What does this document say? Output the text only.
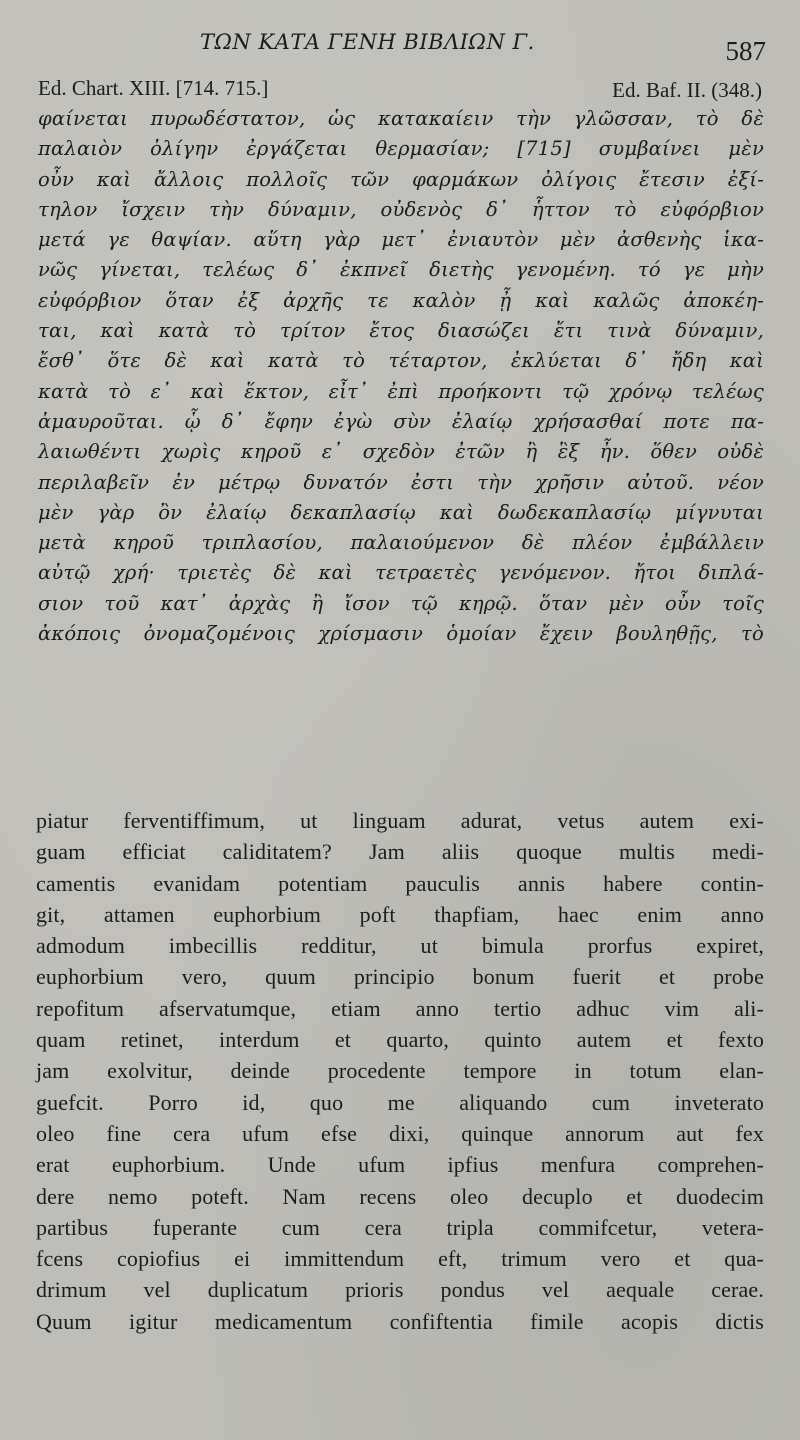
ΤΩΝ ΚΑΤΑ ΓΕΝΗ ΒΙΒΛΙΩΝ Γ.	587
Ed. Chart. XIII. [714. 715.]	Ed. Baf. II. (348.)
φαίνεται πυρωδέστατον, ὡς κατακαίειν τὴν γλῶσσαν, τὸ δὲ
παλαιὸν ὀλίγην ἐργάζεται θερμασίαν; [715] συμβαίνει μὲν
οὖν καὶ ἄλλοις πολλοῖς τῶν φαρμάκων ὀλίγοις ἔτεσιν ἐξί-
τηλον ἴσχειν τὴν δύναμιν, οὐδενὸς δ᾽ ἧττον τὸ εὐφόρβιον
μετά γε θαψίαν. αὕτη γὰρ μετ᾽ ἐνιαυτὸν μὲν ἀσθενὴς ἱκα-
νῶς γίνεται, τελέως δ᾽ ἐκπνεῖ διετὴς γενομένη. τό γε μὴν
εὐφόρβιον ὅταν ἐξ ἀρχῆς τε καλὸν ᾖ καὶ καλῶς ἀποκέη-
ται, καὶ κατὰ τὸ τρίτον ἔτος διασώζει ἔτι τινὰ δύναμιν,
ἔσθ᾽ ὅτε δὲ καὶ κατὰ τὸ τέταρτον, ἐκλύεται δ᾽ ἤδη καὶ
κατὰ τὸ ε᾽ καὶ ἕκτον, εἶτ᾽ ἐπὶ προήκοντι τῷ χρόνῳ τελέως
ἀμαυροῦται. ᾧ δ᾽ ἔφην ἐγὼ σὺν ἐλαίῳ χρήσασθαί ποτε πα-
λαιωθέντι χωρὶς κηροῦ ε᾽ σχεδὸν ἐτῶν ἢ ἓξ ἦν. ὅθεν οὐδὲ
περιλαβεῖν ἐν μέτρῳ δυνατόν ἐστι τὴν χρῆσιν αὐτοῦ. νέον
μὲν γὰρ ὂν ἐλαίῳ δεκαπλασίῳ καὶ δωδεκαπλασίῳ μίγνυται
μετὰ κηροῦ τριπλασίου, παλαιούμενον δὲ πλέον ἐμβάλλειν
αὐτῷ χρή· τριετὲς δὲ καὶ τετραετὲς γενόμενον. ἤτοι διπλά-
σιον τοῦ κατ᾽ ἀρχὰς ἢ ἴσον τῷ κηρῷ. ὅταν μὲν οὖν τοῖς
ἀκόποις ὀνομαζομένοις χρίσμασιν ὁμοίαν ἔχειν βουληθῇς, τὸ
piatur ferventiffimum, ut linguam adurat, vetus autem exi-
guam efficiat caliditatem? Jam aliis quoque multis medi-
camentis evanidam potentiam pauculis annis habere contin-
git, attamen euphorbium poft thapfiam, haec enim anno
admodum imbecillis redditur, ut bimula prorfus expiret,
euphorbium vero, quum principio bonum fuerit et probe
repofitum afservatumque, etiam anno tertio adhuc vim ali-
quam retinet, interdum et quarto, quinto autem et fexto
jam exolvitur, deinde procedente tempore in totum elan-
guefcit. Porro id, quo me aliquando cum inveterato
oleo fine cera ufum efse dixi, quinque annorum aut fex
erat euphorbium. Unde ufum ipfius menfura comprehen-
dere nemo poteft. Nam recens oleo decuplo et duodecim
partibus fuperante cum cera tripla commifcetur, vetera-
fcens copiofius ei immittendum eft, trimum vero et qua-
drimum vel duplicatum prioris pondus vel aequale cerae.
Quum igitur medicamentum confiftentia fimile acopis dictis
